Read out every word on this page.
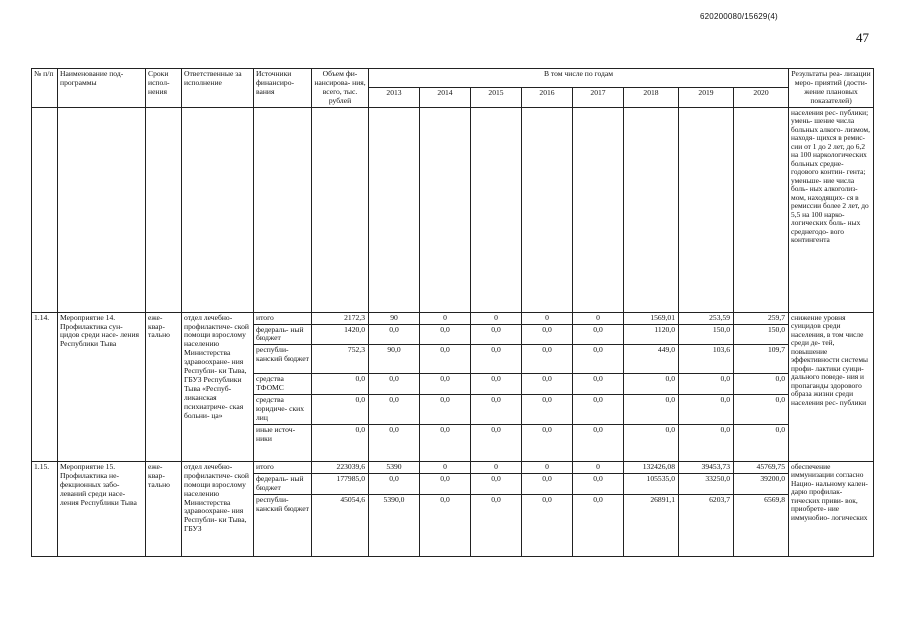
620200080/15629(4)
47
№ п/п	Наименование под- программы	Сроки испол- нения	Ответственные за исполнение	Источники финансиро- вания	Объем фи- нансирова- ния, всего, тыс. рублей	В том числе по годам								Результаты реа- лизации меро- приятий (дости- жение плановых показателей)
						2013	2014	2015	2016	2017	2018	2019	2020	
														населения рес- публики; умень- шение числа больных алкого- лизмом, находя- щихся в ремис- сии от 1 до 2 лет, до 6,2 на 100 наркологических больных средне- годового контин- гента; уменьше- ние числа боль- ных алкоголиз- мом, находящих- ся в ремиссии более 2 лет, до 5,5 на 100 нарко- логических боль- ных среднегодо- вого контингента
1.14.	Мероприятие 14. Профилактика сун- цидов среди насе- ления Республики Тыва	еже- квар- тально	отдел лечебно- профилактиче- ской помощи взрослому населению Министерства здравоохране- ния Республи- ки Тыва, ГБУЗ Республики Тыва «Респуб- ликанская психиатриче- ская больни- ца»	итого	2172,3	90	0	0	0	0	1569,01	253,59	259,7	снижение уровня суицидов среди населения, в том числе среди де- тей, повышение эффективности системы профи- лактики суици- дального поведе- ния и пропаганды здорового образа жизни среди населения рес- публики
				федераль- ный бюджет	1420,0	0,0	0,0	0,0	0,0	0,0	1120,0	150,0	150,0	
				республи- канский бюджет	752,3	90,0	0,0	0,0	0,0	0,0	449,0	103,6	109,7	
				средства ТФОМС	0,0	0,0	0,0	0,0	0,0	0,0	0,0	0,0	0,0	
				средства юридиче- ских лиц	0,0	0,0	0,0	0,0	0,0	0,0	0,0	0,0	0,0	
				иные источ- ники	0,0	0,0	0,0	0,0	0,0	0,0	0,0	0,0	0,0	
1.15.	Мероприятие 15. Профилактика не- фекционных забо- леваний среди насе- ления Республики Тыва	еже- квар- тально	отдел лечебно- профилактиче- ской помощи взрослому населению Министерства здравоохране- ния Республи- ки Тыва, ГБУЗ	итого	223039,6	5390	0	0	0	0	132426,08	39453,73	45769,75	обеспечение иммунизации согласно Нацио- нальному кален- дарю профилак- тических приви- вок, приобрете- ние иммунобио- логических
				федераль- ный бюджет	177985,0	0,0	0,0	0,0	0,0	0,0	105535,0	33250,0	39200,0	
				республи- канский бюджет	45054,6	5390,0	0,0	0,0	0,0	0,0	26891,1	6203,7	6569,8	
